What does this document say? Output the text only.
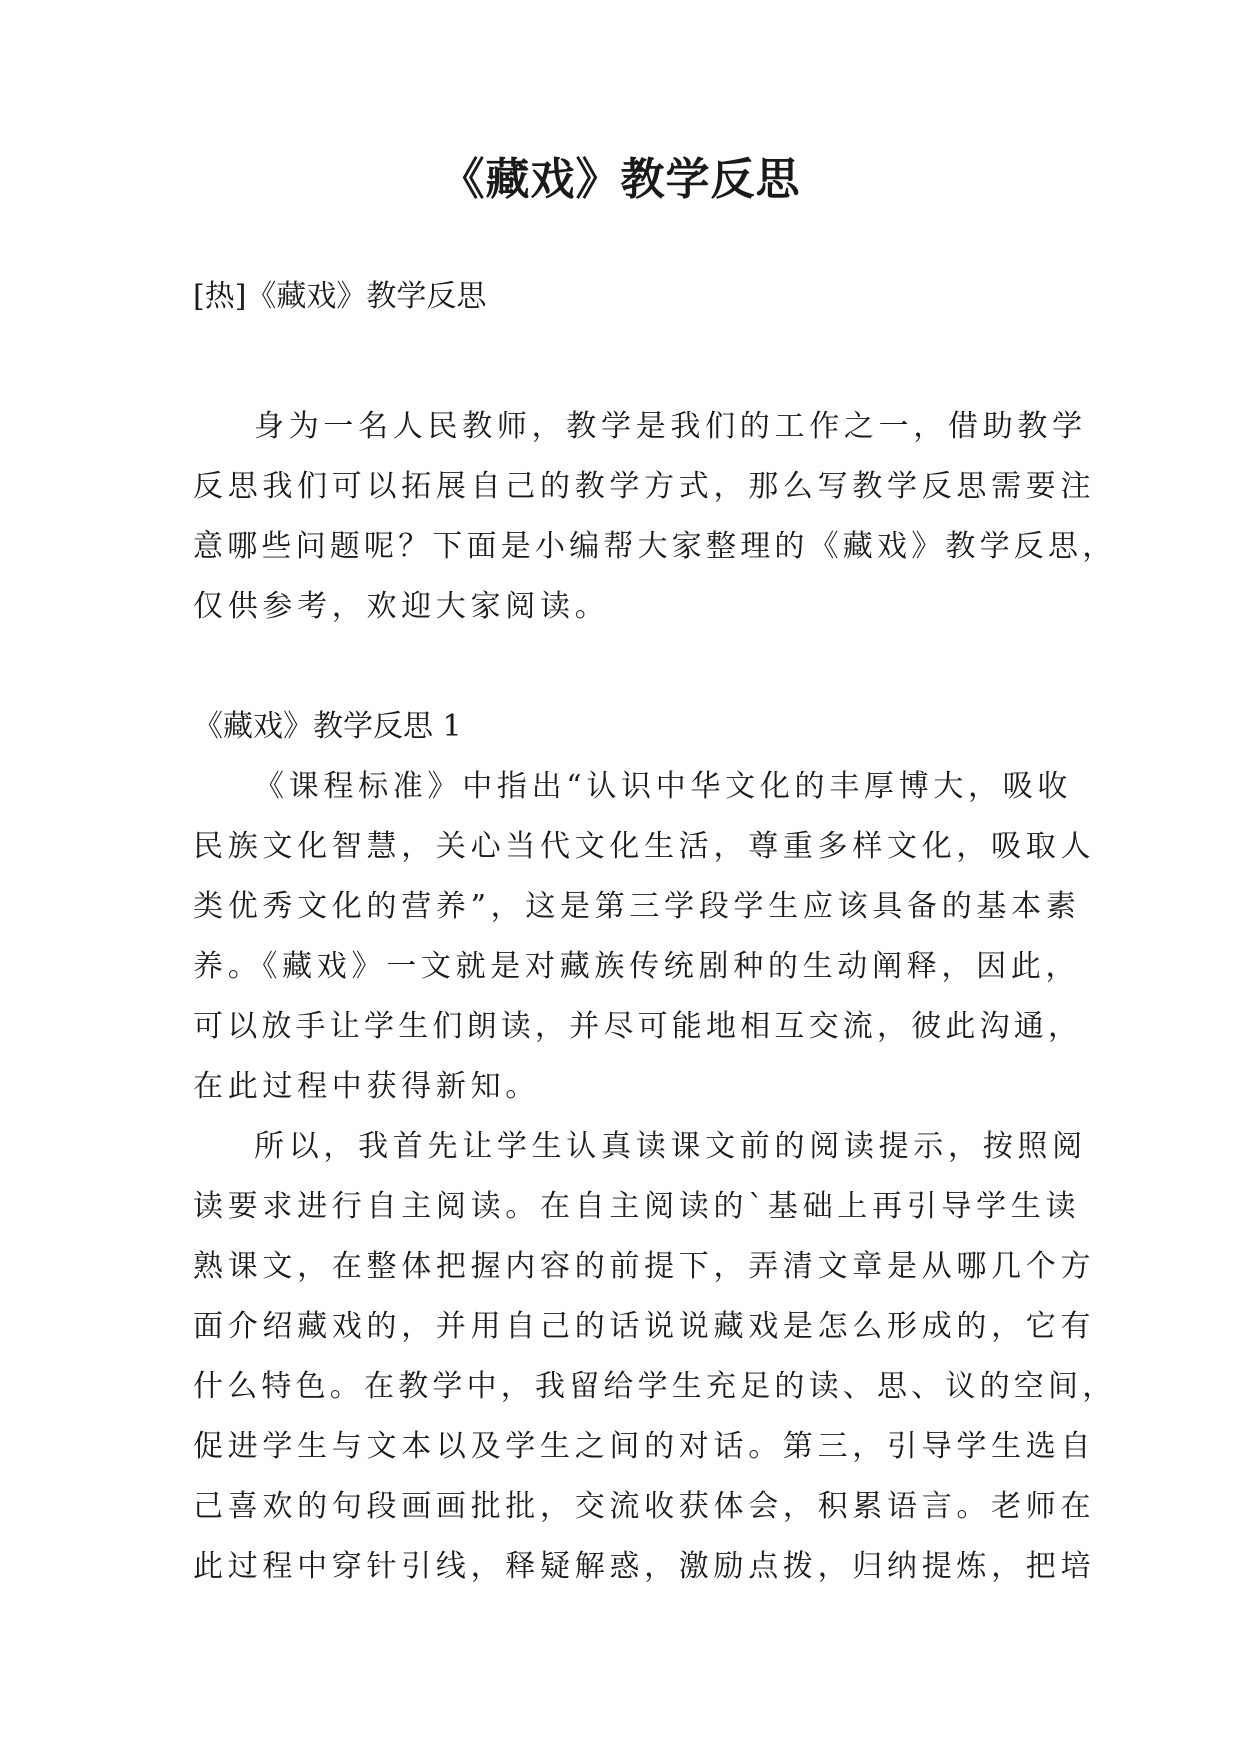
《藏戏》教学反思

[热]《藏戏》教学反思

身为一名人民教师，教学是我们的工作之一，借助教学

反思我们可以拓展自己的教学方式，那么写教学反思需要注

意哪些问题呢？下面是小编帮大家整理的《藏戏》教学反思，

仅供参考，欢迎大家阅读。

《藏戏》教学反思 1

《课程标准》中指出“认识中华文化的丰厚博大，吸收

民族文化智慧，关心当代文化生活，尊重多样文化，吸取人

类优秀文化的营养”，这是第三学段学生应该具备的基本素

养。《藏戏》一文就是对藏族传统剧种的生动阐释，因此，

可以放手让学生们朗读，并尽可能地相互交流，彼此沟通，

在此过程中获得新知。

所以，我首先让学生认真读课文前的阅读提示，按照阅

读要求进行自主阅读。在自主阅读的`基础上再引导学生读

熟课文，在整体把握内容的前提下，弄清文章是从哪几个方

面介绍藏戏的，并用自己的话说说藏戏是怎么形成的，它有

什么特色。在教学中，我留给学生充足的读、思、议的空间，

促进学生与文本以及学生之间的对话。第三，引导学生选自

己喜欢的句段画画批批，交流收获体会，积累语言。老师在

此过程中穿针引线，释疑解惑，激励点拨，归纳提炼，把培
